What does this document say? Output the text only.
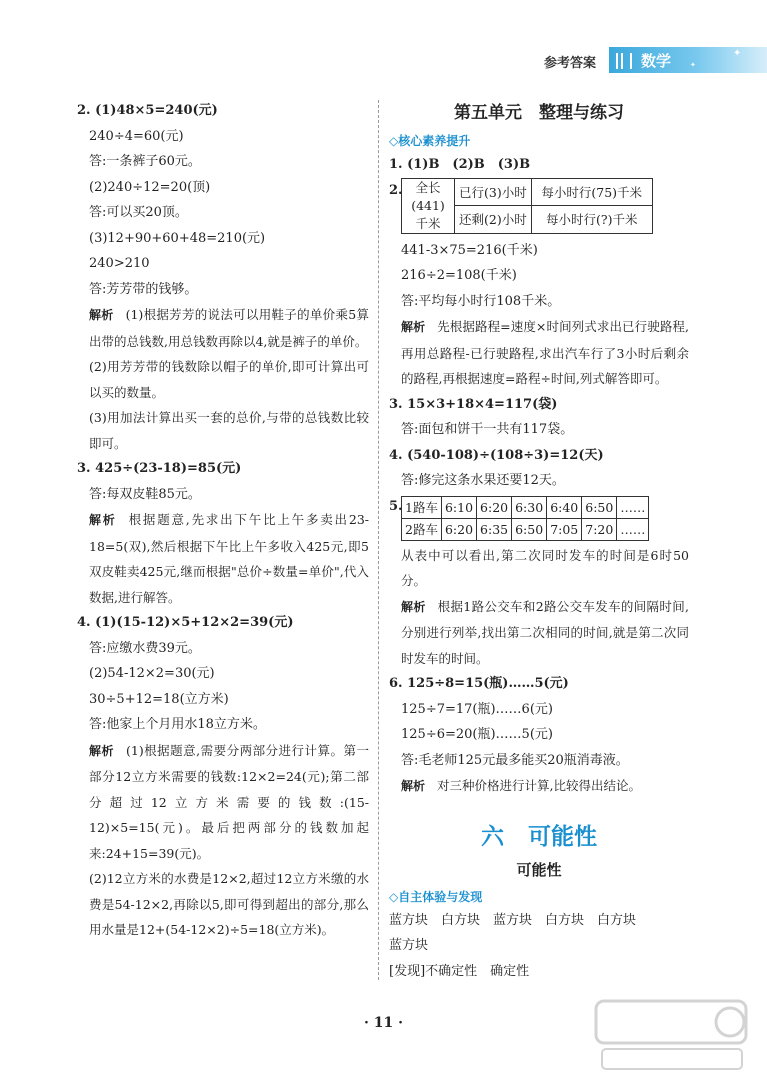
参考答案	数学	✦
✦
2. (1)48×5=240(元)
240÷4=60(元)
答:一条裤子60元。
(2)240÷12=20(顶)
答:可以买20顶。
(3)12+90+60+48=210(元)
240>210
答:芳芳带的钱够。
解析 (1)根据芳芳的说法可以用鞋子的单价乘5算出带的总钱数,用总钱数再除以4,就是裤子的单价。
(2)用芳芳带的钱数除以帽子的单价,即可计算出可以买的数量。
(3)用加法计算出买一套的总价,与带的总钱数比较即可。
3. 425÷(23-18)=85(元)
答:每双皮鞋85元。
解析 根据题意,先求出下午比上午多卖出23-18=5(双),然后根据下午比上午多收入425元,即5双皮鞋卖425元,继而根据"总价÷数量=单价",代入数据,进行解答。
4. (1)(15-12)×5+12×2=39(元)
答:应缴水费39元。
(2)54-12×2=30(元)
30÷5+12=18(立方米)
答:他家上个月用水18立方米。
解析 (1)根据题意,需要分两部分进行计算。第一部分12立方米需要的钱数:12×2=24(元);第二部分超过12立方米需要的钱数:(15-12)×5=15(元)。最后把两部分的钱数加起来:24+15=39(元)。
(2)12立方米的水费是12×2,超过12立方米缴的水费是54-12×2,再除以5,即可得到超出的部分,那么用水量是12+(54-12×2)÷5=18(立方米)。
第五单元　整理与练习
◇核心素养提升
1. (1)B　(2)B　(3)B
2. 全长(441)千米	已行(3)小时	每小时行(75)千米
	还剩(2)小时	每小时行(?)千米
441-3×75=216(千米)
216÷2=108(千米)
答:平均每小时行108千米。
解析 先根据路程=速度×时间列式求出已行驶路程,再用总路程-已行驶路程,求出汽车行了3小时后剩余的路程,再根据速度=路程÷时间,列式解答即可。
3. 15×3+18×4=117(袋)
答:面包和饼干一共有117袋。
4. (540-108)÷(108÷3)=12(天)
答:修完这条水果还要12天。
5. 1路车	6:10	6:20	6:30	6:40	6:50	……
2路车	6:20	6:35	6:50	7:05	7:20	……
从表中可以看出,第二次同时发车的时间是6时50分。
解析 根据1路公交车和2路公交车发车的间隔时间,分别进行列举,找出第二次相同的时间,就是第二次同时发车的时间。
6. 125÷8=15(瓶)……5(元)
125÷7=17(瓶)……6(元)
125÷6=20(瓶)……5(元)
答:毛老师125元最多能买20瓶消毒液。
解析 对三种价格进行计算,比较得出结论。
六 可能性
可能性
◇自主体验与发现
蓝方块　白方块　蓝方块　白方块　白方块
蓝方块
[发现]不确定性　确定性
· 11 ·
